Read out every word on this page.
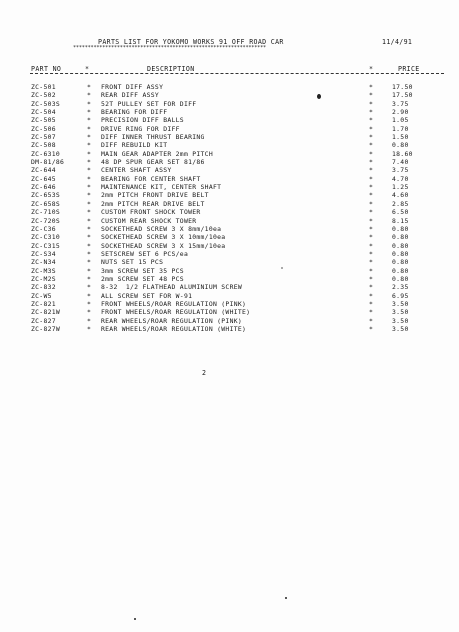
PARTS LIST FOR YOKOMO WORKS 91 OFF ROAD CAR	11/4/91
******************************************************************
PART NO	*	DESCRIPTION	*	PRICE
ZC-501	* FRONT DIFF ASSY	*	17.50
ZC-502	* REAR DIFF ASSY	*	17.50
ZC-503S	* 52T PULLEY SET FOR DIFF	*	3.75
ZC-504	* BEARING FOR DIFF	*	2.90
ZC-505	* PRECISION DIFF BALLS	*	1.05
ZC-506	* DRIVE RING FOR DIFF	*	1.70
ZC-507	* DIFF INNER THRUST BEARING	*	1.50
ZC-508	* DIFF REBUILD KIT	*	0.80
ZC-6310	* MAIN GEAR ADAPTER 2mm PITCH	*	18.60
DM-81/86	* 48 DP SPUR GEAR SET 81/86	*	7.40
ZC-644	* CENTER SHAFT ASSY	*	3.75
ZC-645	* BEARING FOR CENTER SHAFT	*	4.70
ZC-646	* MAINTENANCE KIT, CENTER SHAFT	*	1.25
ZC-653S	* 2mm PITCH FRONT DRIVE BELT	*	4.60
ZC-658S	* 2mm PITCH REAR DRIVE BELT	*	2.85
ZC-710S	* CUSTOM FRONT SHOCK TOWER	*	6.50
ZC-720S	* CUSTOM REAR SHOCK TOWER	*	8.15
ZC-C36	* SOCKETHEAD SCREW 3 X 8mm/10ea	*	0.80
ZC-C310	* SOCKETHEAD SCREW 3 X 10mm/10ea	*	0.80
ZC-C315	* SOCKETHEAD SCREW 3 X 15mm/10ea	*	0.80
ZC-S34	* SETSCREW SET 6 PCS/ea	*	0.80
ZC-N34	* NUTS SET 15 PCS	*	0.80
ZC-M3S	* 3mm SCREW SET 35 PCS	*	0.80
ZC-M2S	* 2mm SCREW SET 48 PCS	*	0.80
ZC-832	* 8-32  1/2 FLATHEAD ALUMINIUM SCREW	*	2.35
ZC-W5	* ALL SCREW SET FOR W-91	*	6.95
ZC-821	* FRONT WHEELS/ROAR REGULATION (PINK)	*	3.50
ZC-821W	* FRONT WHEELS/ROAR REGULATION (WHITE)	*	3.50
ZC-827	* REAR WHEELS/ROAR REGULATION (PINK)	*	3.50
ZC-827W	* REAR WHEELS/ROAR REGULATION (WHITE)	*	3.50
2
